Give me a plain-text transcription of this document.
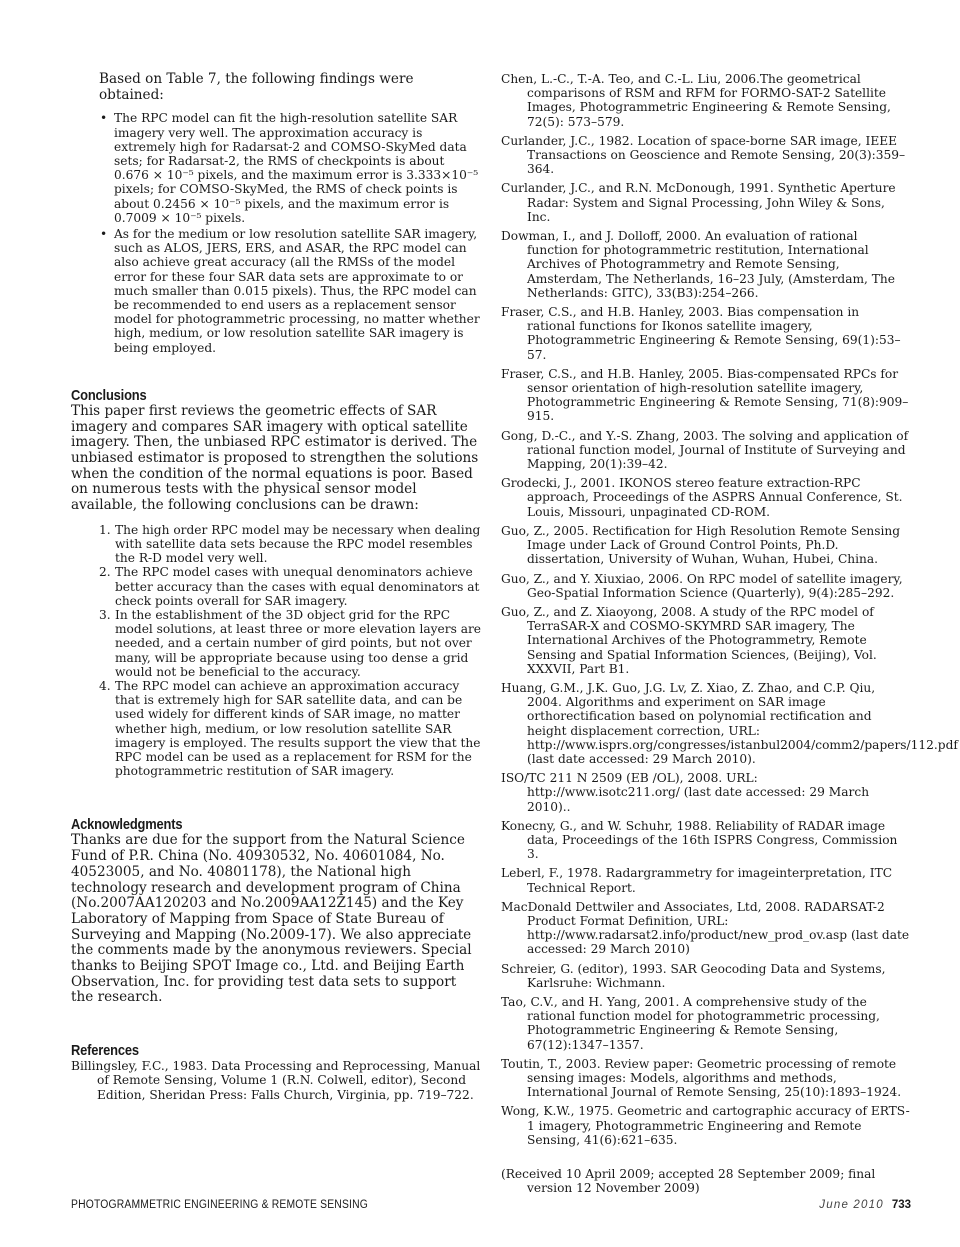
Based on Table 7, the following findings were obtained:

• The RPC model can fit the high-resolution satellite SAR imagery very well. The approximation accuracy is extremely high for Radarsat-2 and COMSO-SkyMed data sets; for Radarsat-2, the RMS of checkpoints is about 0.676 × 10⁻⁵ pixels, and the maximum error is 3.333×10⁻⁵ pixels; for COMSO-SkyMed, the RMS of check points is about 0.2456 × 10⁻⁵ pixels, and the maximum error is 0.7009 × 10⁻⁵ pixels.
• As for the medium or low resolution satellite SAR imagery, such as ALOS, JERS, ERS, and ASAR, the RPC model can also achieve great accuracy (all the RMSs of the model error for these four SAR data sets are approximate to or much smaller than 0.015 pixels). Thus, the RPC model can be recommended to end users as a replacement sensor model for photogrammetric processing, no matter whether high, medium, or low resolution satellite SAR imagery is being employed.
Conclusions

This paper first reviews the geometric effects of SAR imagery and compares SAR imagery with optical satellite imagery. Then, the unbiased RPC estimator is derived. The unbiased estimator is proposed to strengthen the solutions when the condition of the normal equations is poor. Based on numerous tests with the physical sensor model available, the following conclusions can be drawn:

1. The high order RPC model may be necessary when dealing with satellite data sets because the RPC model resembles the R-D model very well.
2. The RPC model cases with unequal denominators achieve better accuracy than the cases with equal denominators at check points overall for SAR imagery.
3. In the establishment of the 3D object grid for the RPC model solutions, at least three or more elevation layers are needed, and a certain number of gird points, but not over many, will be appropriate because using too dense a grid would not be beneficial to the accuracy.
4. The RPC model can achieve an approximation accuracy that is extremely high for SAR satellite data, and can be used widely for different kinds of SAR image, no matter whether high, medium, or low resolution satellite SAR imagery is employed. The results support the view that the RPC model can be used as a replacement for RSM for the photogrammetric restitution of SAR imagery.
Acknowledgments

Thanks are due for the support from the Natural Science Fund of P.R. China (No. 40930532, No. 40601084, No. 40523005, and No. 40801178), the National high technology research and development program of China (No.2007AA120203 and No.2009AA12Z145) and the Key Laboratory of Mapping from Space of State Bureau of Surveying and Mapping (No.2009-17). We also appreciate the comments made by the anonymous reviewers. Special thanks to Beijing SPOT Image co., Ltd. and Beijing Earth Observation, Inc. for providing test data sets to support the research.

References
Billingsley, F.C., 1983. Data Processing and Reprocessing, Manual of Remote Sensing, Volume 1 (R.N. Colwell, editor), Second Edition, Sheridan Press: Falls Church, Virginia, pp. 719–722.
Chen, L.-C., T.-A. Teo, and C.-L. Liu, 2006.The geometrical comparisons of RSM and RFM for FORMO-SAT-2 Satellite Images, Photogrammetric Engineering & Remote Sensing, 72(5): 573–579.
Curlander, J.C., 1982. Location of space-borne SAR image, IEEE Transactions on Geoscience and Remote Sensing, 20(3):359–364.
Curlander, J.C., and R.N. McDonough, 1991. Synthetic Aperture Radar: System and Signal Processing, John Wiley & Sons, Inc.
Dowman, I., and J. Dolloff, 2000. An evaluation of rational function for photogrammetric restitution, International Archives of Photogrammetry and Remote Sensing, Amsterdam, The Netherlands, 16–23 July, (Amsterdam, The Netherlands: GITC), 33(B3):254–266.
Fraser, C.S., and H.B. Hanley, 2003. Bias compensation in rational functions for Ikonos satellite imagery, Photogrammetric Engineering & Remote Sensing, 69(1):53–57.
Fraser, C.S., and H.B. Hanley, 2005. Bias-compensated RPCs for sensor orientation of high-resolution satellite imagery, Photogrammetric Engineering & Remote Sensing, 71(8):909–915.
Gong, D.-C., and Y.-S. Zhang, 2003. The solving and application of rational function model, Journal of Institute of Surveying and Mapping, 20(1):39–42.
Grodecki, J., 2001. IKONOS stereo feature extraction-RPC approach, Proceedings of the ASPRS Annual Conference, St. Louis, Missouri, unpaginated CD-ROM.
Guo, Z., 2005. Rectification for High Resolution Remote Sensing Image under Lack of Ground Control Points, Ph.D. dissertation, University of Wuhan, Wuhan, Hubei, China.
Guo, Z., and Y. Xiuxiao, 2006. On RPC model of satellite imagery, Geo-Spatial Information Science (Quarterly), 9(4):285–292.
Guo, Z., and Z. Xiaoyong, 2008. A study of the RPC model of TerraSAR-X and COSMO-SKYMRD SAR imagery, The International Archives of the Photogrammetry, Remote Sensing and Spatial Information Sciences, (Beijing), Vol. XXXVII, Part B1.
Huang, G.M., J.K. Guo, J.G. Lv, Z. Xiao, Z. Zhao, and C.P. Qiu, 2004. Algorithms and experiment on SAR image orthorectification based on polynomial rectification and height displacement correction, URL: http://www.isprs.org/congresses/istanbul2004/comm2/papers/112.pdf (last date accessed: 29 March 2010).
ISO/TC 211 N 2509 (EB /OL), 2008. URL: http://www.isotc211.org/ (last date accessed: 29 March 2010)..
Konecny, G., and W. Schuhr, 1988. Reliability of RADAR image data, Proceedings of the 16th ISPRS Congress, Commission 3.
Leberl, F., 1978. Radargrammetry for imageinterpretation, ITC Technical Report.
MacDonald Dettwiler and Associates, Ltd, 2008. RADARSAT-2 Product Format Definition, URL: http://www.radarsat2.info/product/new_prod_ov.asp (last date accessed: 29 March 2010)
Schreier, G. (editor), 1993. SAR Geocoding Data and Systems, Karlsruhe: Wichmann.
Tao, C.V., and H. Yang, 2001. A comprehensive study of the rational function model for photogrammetric processing, Photogrammetric Engineering & Remote Sensing, 67(12):1347–1357.
Toutin, T., 2003. Review paper: Geometric processing of remote sensing images: Models, algorithms and methods, International Journal of Remote Sensing, 25(10):1893–1924.
Wong, K.W., 1975. Geometric and cartographic accuracy of ERTS-1 imagery, Photogrammetric Engineering and Remote Sensing, 41(6):621–635.

(Received 10 April 2009; accepted 28 September 2009; final version 12 November 2009)

PHOTOGRAMMETRIC ENGINEERING & REMOTE SENSING	June 2010 733
